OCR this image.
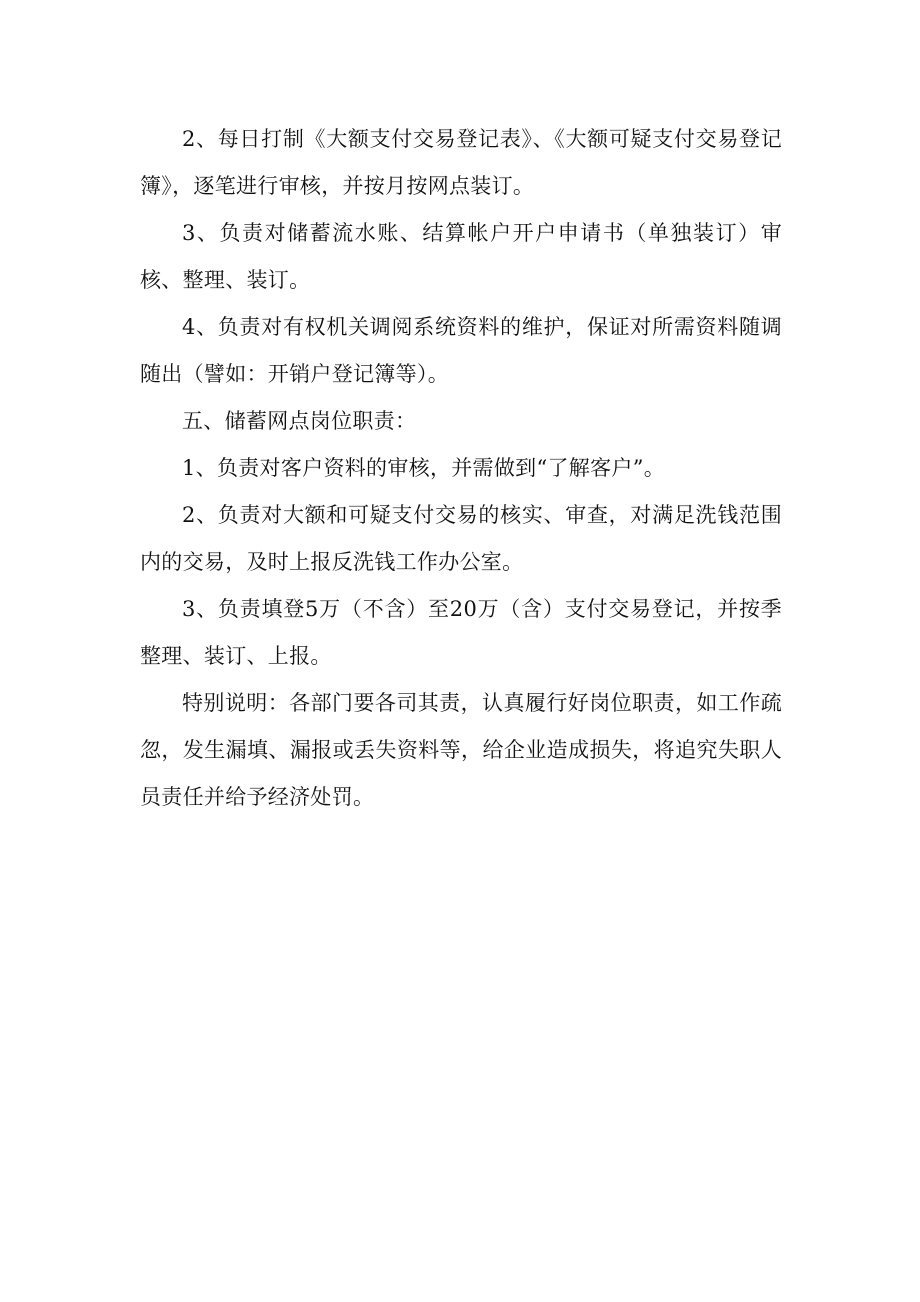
2、每日打制《大额支付交易登记表》、《大额可疑支付交易登记簿》，逐笔进行审核，并按月按网点装订。

3、负责对储蓄流水账、结算帐户开户申请书（单独装订）审核、整理、装订。

4、负责对有权机关调阅系统资料的维护，保证对所需资料随调随出（譬如：开销户登记簿等）。

五、储蓄网点岗位职责：

1、负责对客户资料的审核，并需做到“了解客户”。

2、负责对大额和可疑支付交易的核实、审查，对满足洗钱范围内的交易，及时上报反洗钱工作办公室。

3、负责填登5万（不含）至20万（含）支付交易登记，并按季整理、装订、上报。

特别说明：各部门要各司其责，认真履行好岗位职责，如工作疏忽，发生漏填、漏报或丢失资料等，给企业造成损失，将追究失职人员责任并给予经济处罚。
